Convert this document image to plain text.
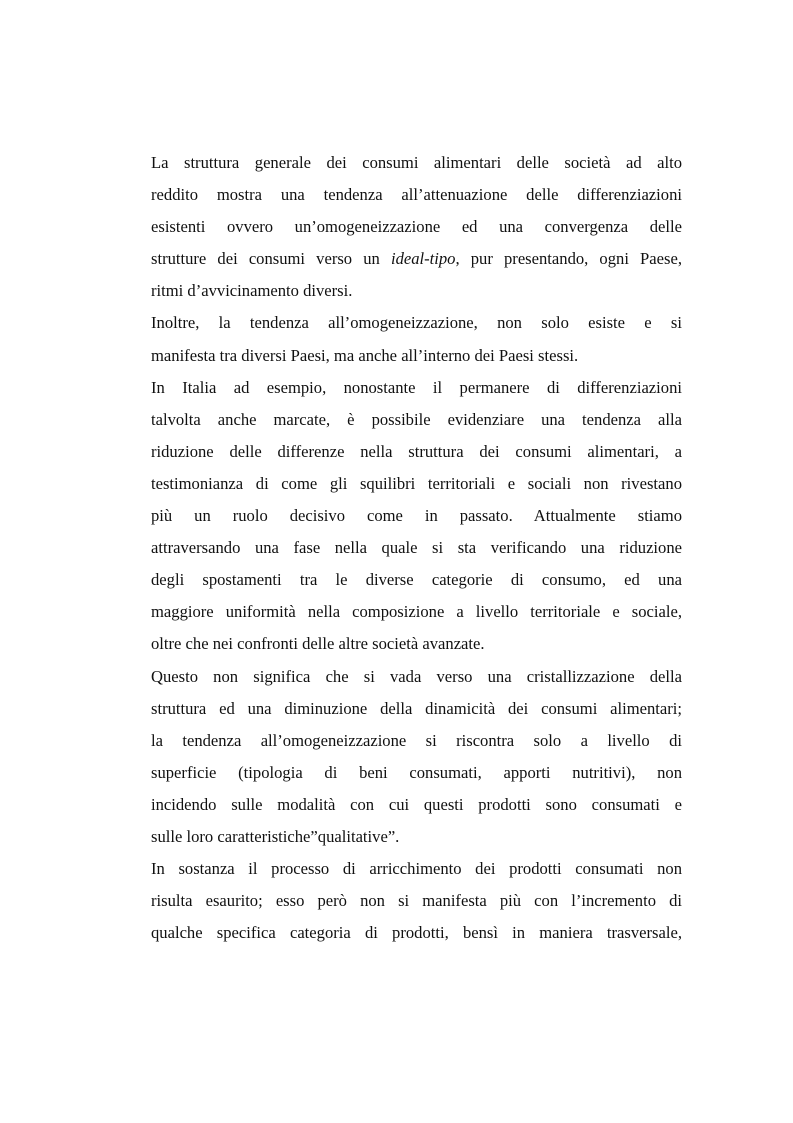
La struttura generale dei consumi alimentari delle società ad alto
reddito mostra una tendenza all’attenuazione delle differenziazioni
esistenti ovvero un’omogeneizzazione ed una convergenza delle
strutture dei consumi verso un ideal-tipo, pur presentando, ogni Paese,
ritmi d’avvicinamento diversi.
Inoltre, la tendenza all’omogeneizzazione, non solo esiste e si
manifesta tra diversi Paesi, ma anche all’interno dei Paesi stessi.
In Italia ad esempio, nonostante il permanere di differenziazioni
talvolta anche marcate, è possibile evidenziare una tendenza alla
riduzione delle differenze nella struttura dei consumi alimentari, a
testimonianza di come gli squilibri territoriali e sociali non rivestano
più un ruolo decisivo come in passato. Attualmente stiamo
attraversando una fase nella quale si sta verificando una riduzione
degli spostamenti tra le diverse categorie di consumo, ed una
maggiore uniformità nella composizione a livello territoriale e sociale,
oltre che nei confronti delle altre società avanzate.
Questo non significa che si vada verso una cristallizzazione della
struttura ed una diminuzione della dinamicità dei consumi alimentari;
la tendenza all’omogeneizzazione si riscontra solo a livello di
superficie (tipologia di beni consumati, apporti nutritivi), non
incidendo sulle modalità con cui questi prodotti sono consumati e
sulle loro caratteristiche”qualitative”.
In sostanza il processo di arricchimento dei prodotti consumati non
risulta esaurito; esso però non si manifesta più con l’incremento di
qualche specifica categoria di prodotti, bensì in maniera trasversale,
